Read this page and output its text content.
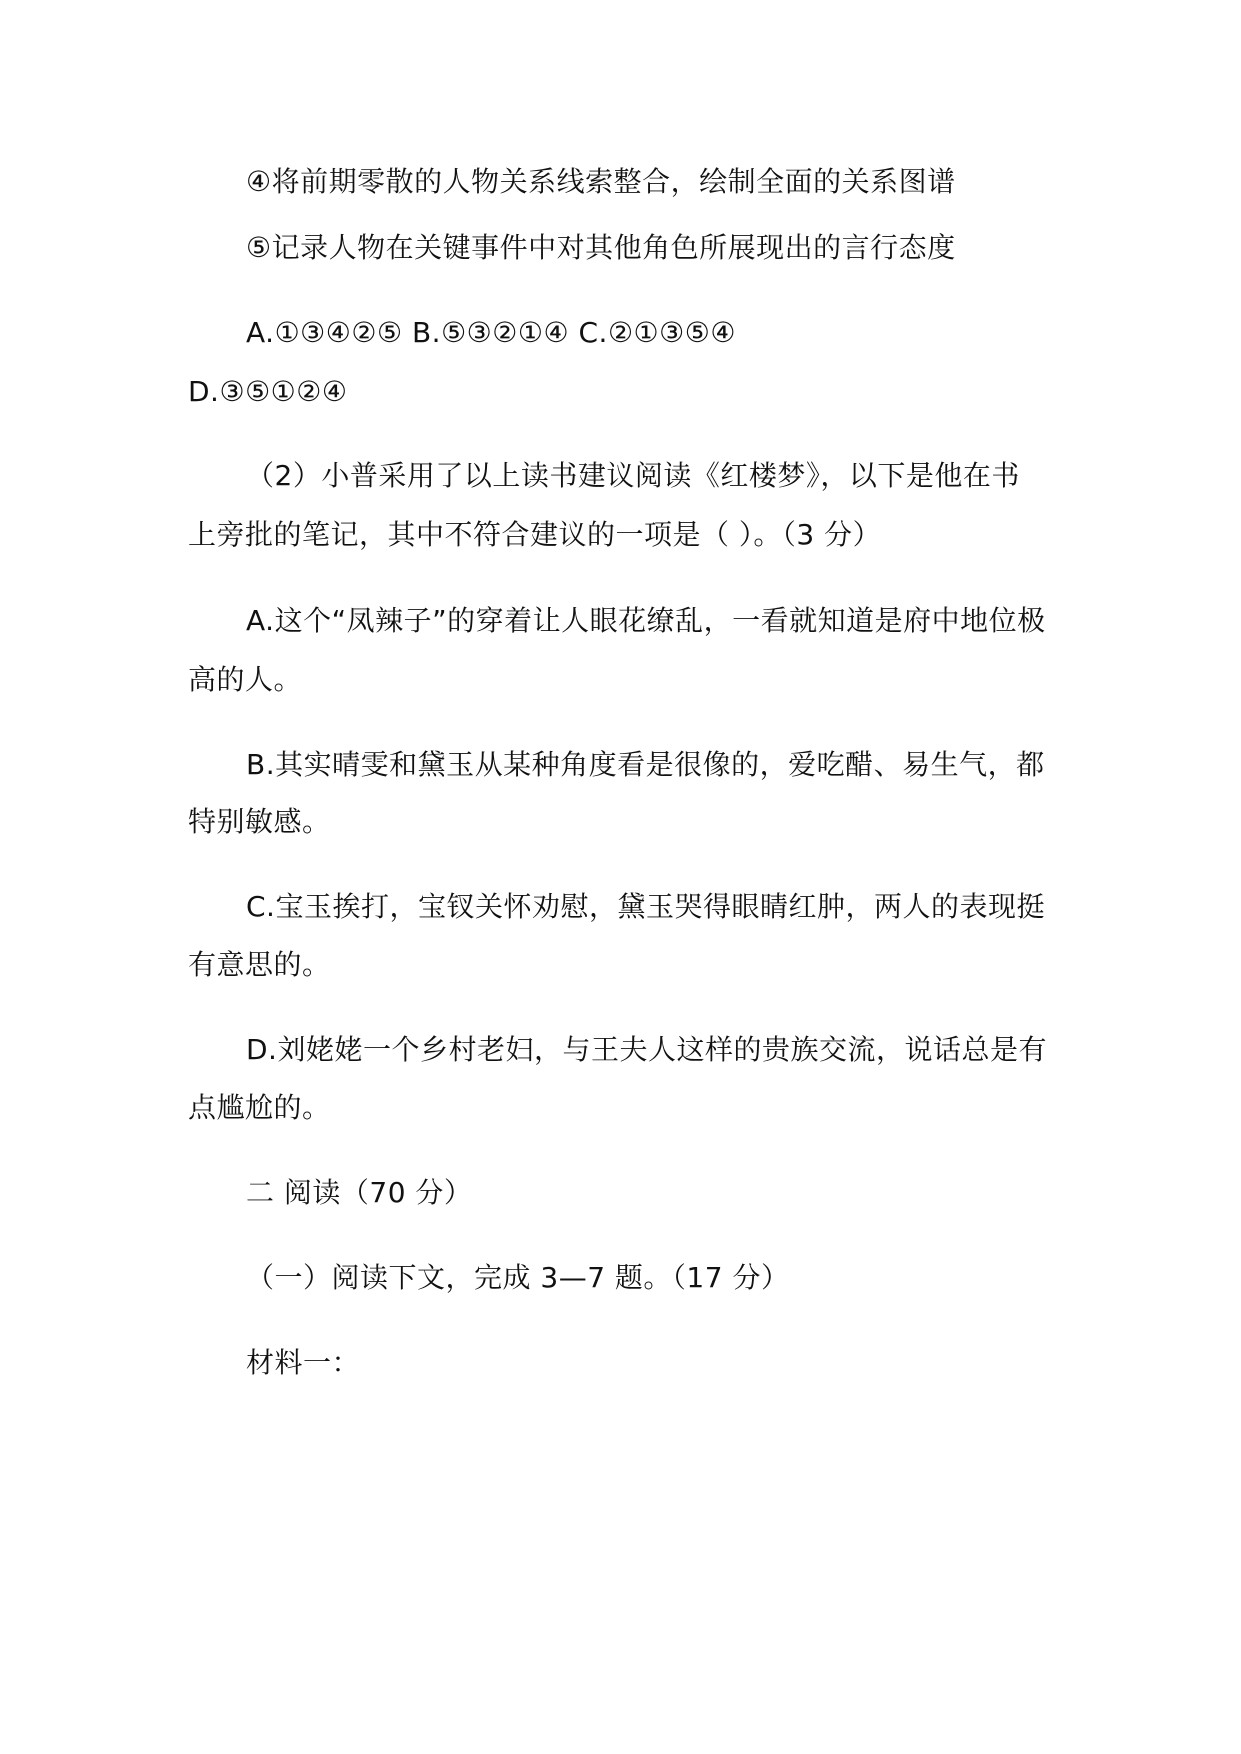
④将前期零散的人物关系线索整合，绘制全面的关系图谱
⑤记录人物在关键事件中对其他角色所展现出的言行态度
A.①③④②⑤ B.⑤③②①④ C.②①③⑤④
D.③⑤①②④
（2）小普采用了以上读书建议阅读《红楼梦》，以下是他在书
上旁批的笔记，其中不符合建议的一项是（ ）。（3 分）
A.这个“凤辣子”的穿着让人眼花缭乱，一看就知道是府中地位极
高的人。
B.其实晴雯和黛玉从某种角度看是很像的，爱吃醋、易生气，都
特别敏感。
C.宝玉挨打，宝钗关怀劝慰，黛玉哭得眼睛红肿，两人的表现挺
有意思的。
D.刘姥姥一个乡村老妇，与王夫人这样的贵族交流，说话总是有
点尴尬的。
二 阅读（70 分）
（一）阅读下文，完成 3—7 题。（17 分）
材料一：
